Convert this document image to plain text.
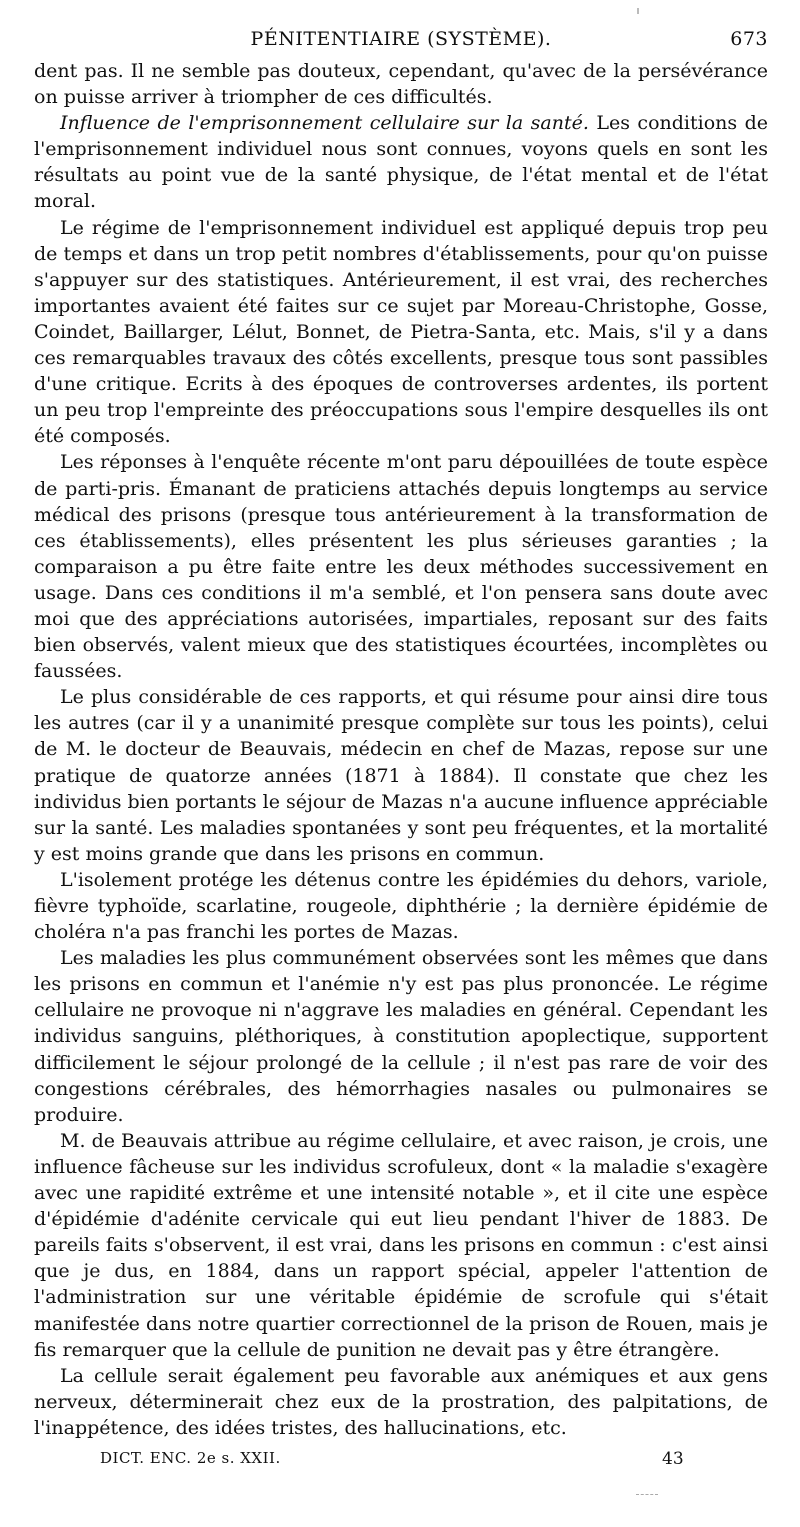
PÉNITENTIAIRE (SYSTÈME).	673

dent pas. Il ne semble pas douteux, cependant, qu'avec de la persévérance on puisse arriver à triompher de ces difficultés.

Influence de l'emprisonnement cellulaire sur la santé. Les conditions de l'emprisonnement individuel nous sont connues, voyons quels en sont les résultats au point vue de la santé physique, de l'état mental et de l'état moral.

Le régime de l'emprisonnement individuel est appliqué depuis trop peu de temps et dans un trop petit nombres d'établissements, pour qu'on puisse s'appuyer sur des statistiques. Antérieurement, il est vrai, des recherches importantes avaient été faites sur ce sujet par Moreau-Christophe, Gosse, Coindet, Baillarger, Lélut, Bonnet, de Pietra-Santa, etc. Mais, s'il y a dans ces remarquables travaux des côtés excellents, presque tous sont passibles d'une critique. Ecrits à des époques de controverses ardentes, ils portent un peu trop l'empreinte des préoccupations sous l'empire desquelles ils ont été composés.

Les réponses à l'enquête récente m'ont paru dépouillées de toute espèce de parti-pris. Émanant de praticiens attachés depuis longtemps au service médical des prisons (presque tous antérieurement à la transformation de ces établissements), elles présentent les plus sérieuses garanties ; la comparaison a pu être faite entre les deux méthodes successivement en usage. Dans ces conditions il m'a semblé, et l'on pensera sans doute avec moi que des appréciations autorisées, impartiales, reposant sur des faits bien observés, valent mieux que des statistiques écourtées, incomplètes ou faussées.

Le plus considérable de ces rapports, et qui résume pour ainsi dire tous les autres (car il y a unanimité presque complète sur tous les points), celui de M. le docteur de Beauvais, médecin en chef de Mazas, repose sur une pratique de quatorze années (1871 à 1884). Il constate que chez les individus bien portants le séjour de Mazas n'a aucune influence appréciable sur la santé. Les maladies spontanées y sont peu fréquentes, et la mortalité y est moins grande que dans les prisons en commun.

L'isolement protége les détenus contre les épidémies du dehors, variole, fièvre typhoïde, scarlatine, rougeole, diphthérie ; la dernière épidémie de choléra n'a pas franchi les portes de Mazas.

Les maladies les plus communément observées sont les mêmes que dans les prisons en commun et l'anémie n'y est pas plus prononcée. Le régime cellulaire ne provoque ni n'aggrave les maladies en général. Cependant les individus sanguins, pléthoriques, à constitution apoplectique, supportent difficilement le séjour prolongé de la cellule ; il n'est pas rare de voir des congestions cérébrales, des hémorrhagies nasales ou pulmonaires se produire.

M. de Beauvais attribue au régime cellulaire, et avec raison, je crois, une influence fâcheuse sur les individus scrofuleux, dont « la maladie s'exagère avec une rapidité extrême et une intensité notable », et il cite une espèce d'épidémie d'adénite cervicale qui eut lieu pendant l'hiver de 1883. De pareils faits s'observent, il est vrai, dans les prisons en commun : c'est ainsi que je dus, en 1884, dans un rapport spécial, appeler l'attention de l'administration sur une véritable épidémie de scrofule qui s'était manifestée dans notre quartier correctionnel de la prison de Rouen, mais je fis remarquer que la cellule de punition ne devait pas y être étrangère.

La cellule serait également peu favorable aux anémiques et aux gens nerveux, déterminerait chez eux de la prostration, des palpitations, de l'inappétence, des idées tristes, des hallucinations, etc.

DICT. ENC. 2e s. XXII.	43
